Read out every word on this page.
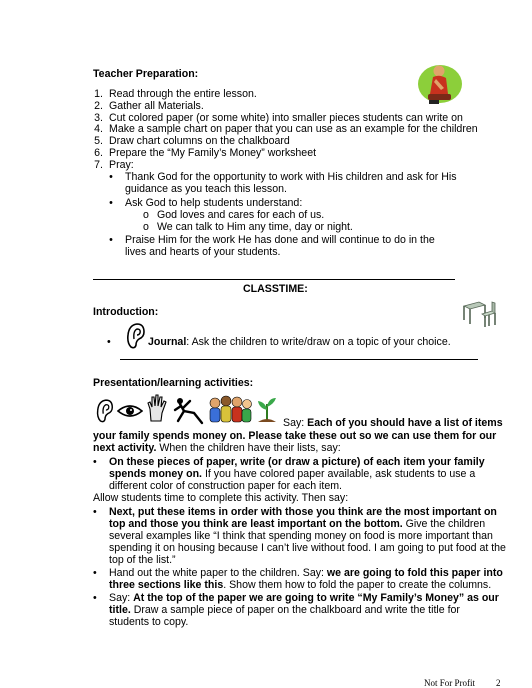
Teacher Preparation:
1. Read through the entire lesson.
2. Gather all Materials.
3. Cut colored paper (or some white) into smaller pieces students can write on
4. Make a sample chart on paper that you can use as an example for the children
5. Draw chart columns on the chalkboard
6. Prepare the “My Family’s Money” worksheet
7. Pray:
• Thank God for the opportunity to work with His children and ask for His
guidance as you teach this lesson.
• Ask God to help students understand:
o God loves and cares for each of us.
o We can talk to Him any time, day or night.
• Praise Him for the work He has done and will continue to do in the
lives and hearts of your students.
CLASSTIME:
Introduction:
•	Journal: Ask the children to write/draw on a topic of your choice.
Presentation/learning activities:
Say: Each of you should have a list of items
your family spends money on. Please take these out so we can use them for our
next activity. When the children have their lists, say:
• On these pieces of paper, write (or draw a picture) of each item your family
spends money on. If you have colored paper available, ask students to use a
different color of construction paper for each item.
Allow students time to complete this activity. Then say:
• Next, put these items in order with those you think are the most important on
top and those you think are least important on the bottom. Give the children
several examples like “I think that spending money on food is more important than
spending it on housing because I can’t live without food. I am going to put food at the
top of the list.”
• Hand out the white paper to the children. Say: we are going to fold this paper into
three sections like this. Show them how to fold the paper to create the columns.
• Say: At the top of the paper we are going to write “My Family’s Money” as our
title. Draw a sample piece of paper on the chalkboard and write the title for
students to copy.
Not For Profit 2
